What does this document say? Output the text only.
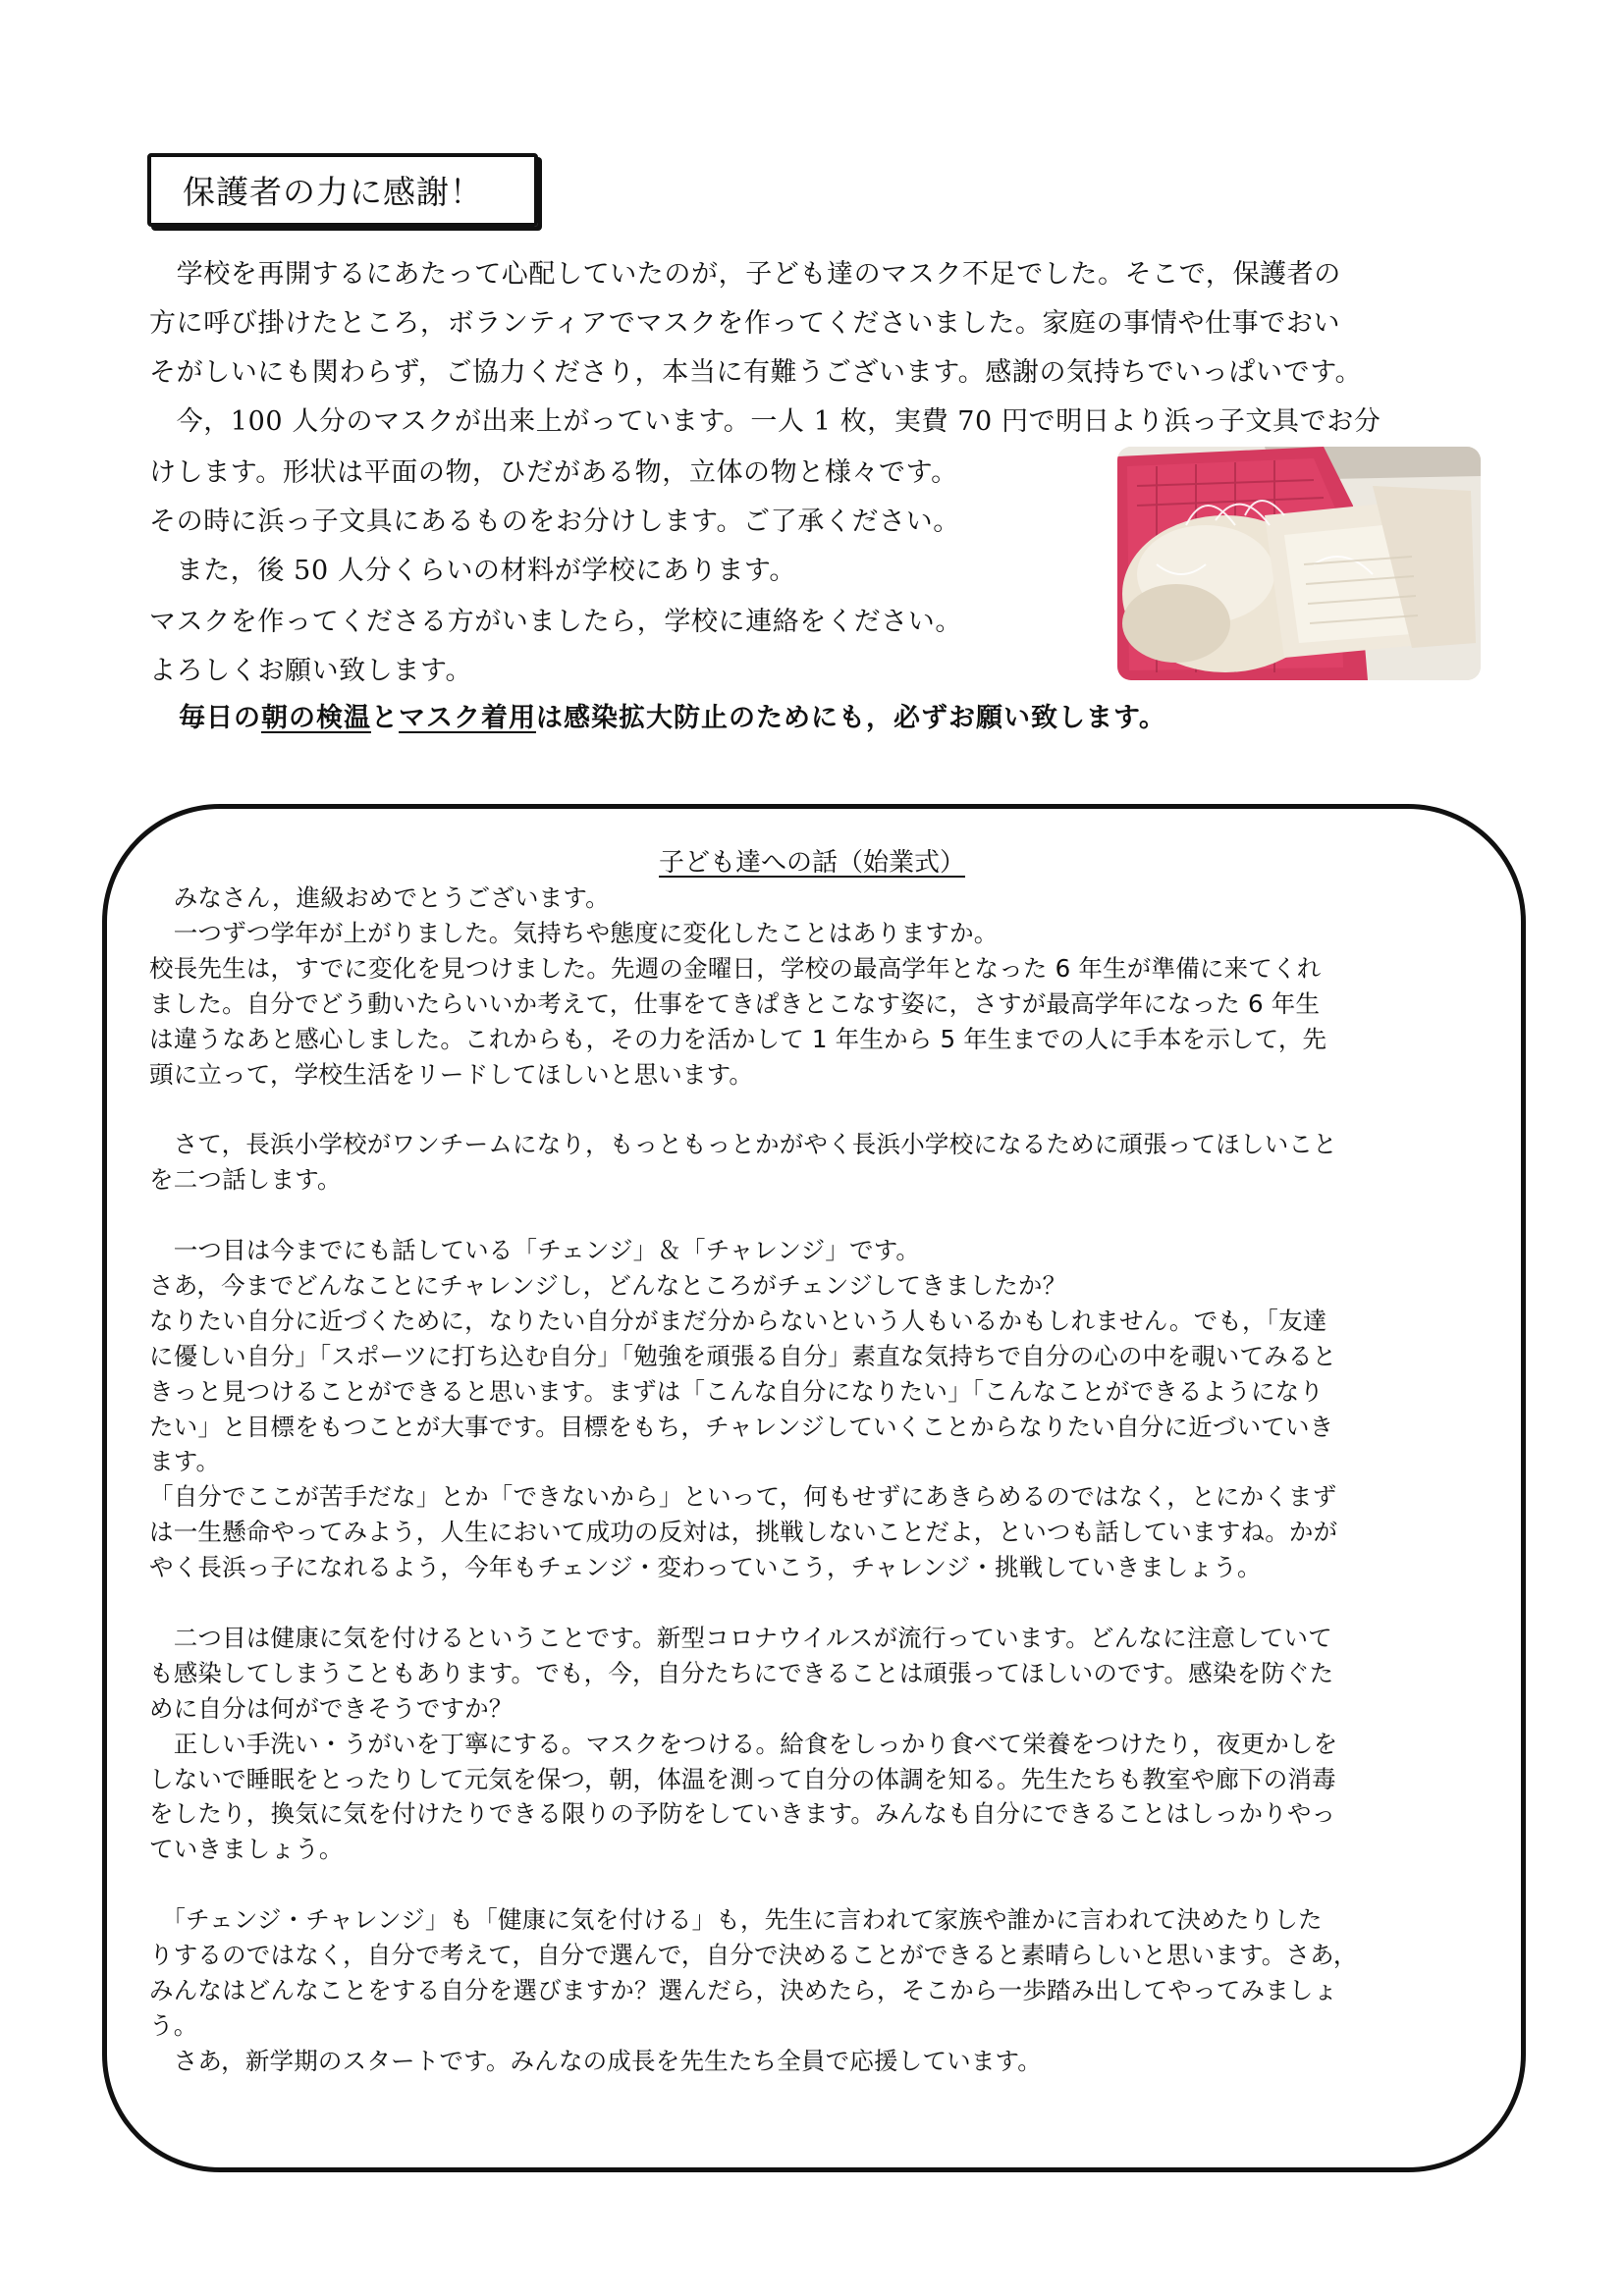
保護者の力に感謝！
　学校を再開するにあたって心配していたのが，子ども達のマスク不足でした。そこで，保護者の
方に呼び掛けたところ，ボランティアでマスクを作ってくださいました。家庭の事情や仕事でおい
そがしいにも関わらず，ご協力くださり，本当に有難うございます。感謝の気持ちでいっぱいです。
　今，100 人分のマスクが出来上がっています。一人 1 枚，実費 70 円で明日より浜っ子文具でお分
けします。形状は平面の物，ひだがある物，立体の物と様々です。
その時に浜っ子文具にあるものをお分けします。ご了承ください。
　また，後 50 人分くらいの材料が学校にあります。
マスクを作ってくださる方がいましたら，学校に連絡をください。
よろしくお願い致します。
毎日の朝の検温とマスク着用は感染拡大防止のためにも，必ずお願い致します。
子ども達への話（始業式）
　みなさん，進級おめでとうございます。
　一つずつ学年が上がりました。気持ちや態度に変化したことはありますか。
校長先生は，すでに変化を見つけました。先週の金曜日，学校の最高学年となった 6 年生が準備に来てくれ
ました。自分でどう動いたらいいか考えて，仕事をてきぱきとこなす姿に，さすが最高学年になった 6 年生
は違うなあと感心しました。これからも，その力を活かして 1 年生から 5 年生までの人に手本を示して，先
頭に立って，学校生活をリードしてほしいと思います。
　さて，長浜小学校がワンチームになり，もっともっとかがやく長浜小学校になるために頑張ってほしいこと
を二つ話します。
　一つ目は今までにも話している「チェンジ」＆「チャレンジ」です。
さあ，今までどんなことにチャレンジし，どんなところがチェンジしてきましたか？
なりたい自分に近づくために，なりたい自分がまだ分からないという人もいるかもしれません。でも，「友達
に優しい自分」「スポーツに打ち込む自分」「勉強を頑張る自分」素直な気持ちで自分の心の中を覗いてみると
きっと見つけることができると思います。まずは「こんな自分になりたい」「こんなことができるようになり
たい」と目標をもつことが大事です。目標をもち，チャレンジしていくことからなりたい自分に近づいていき
ます。
「自分でここが苦手だな」とか「できないから」といって，何もせずにあきらめるのではなく，とにかくまず
は一生懸命やってみよう，人生において成功の反対は，挑戦しないことだよ，といつも話していますね。かが
やく長浜っ子になれるよう，今年もチェンジ・変わっていこう，チャレンジ・挑戦していきましょう。
　二つ目は健康に気を付けるということです。新型コロナウイルスが流行っています。どんなに注意していて
も感染してしまうこともあります。でも，今，自分たちにできることは頑張ってほしいのです。感染を防ぐた
めに自分は何ができそうですか？
　正しい手洗い・うがいを丁寧にする。マスクをつける。給食をしっかり食べて栄養をつけたり，夜更かしを
しないで睡眠をとったりして元気を保つ，朝，体温を測って自分の体調を知る。先生たちも教室や廊下の消毒
をしたり，換気に気を付けたりできる限りの予防をしていきます。みんなも自分にできることはしっかりやっ
ていきましょう。
　「チェンジ・チャレンジ」も「健康に気を付ける」も，先生に言われて家族や誰かに言われて決めたりした
りするのではなく，自分で考えて，自分で選んで，自分で決めることができると素晴らしいと思います。さあ，
みんなはどんなことをする自分を選びますか？選んだら，決めたら，そこから一歩踏み出してやってみましょ
う。
　さあ，新学期のスタートです。みんなの成長を先生たち全員で応援しています。
